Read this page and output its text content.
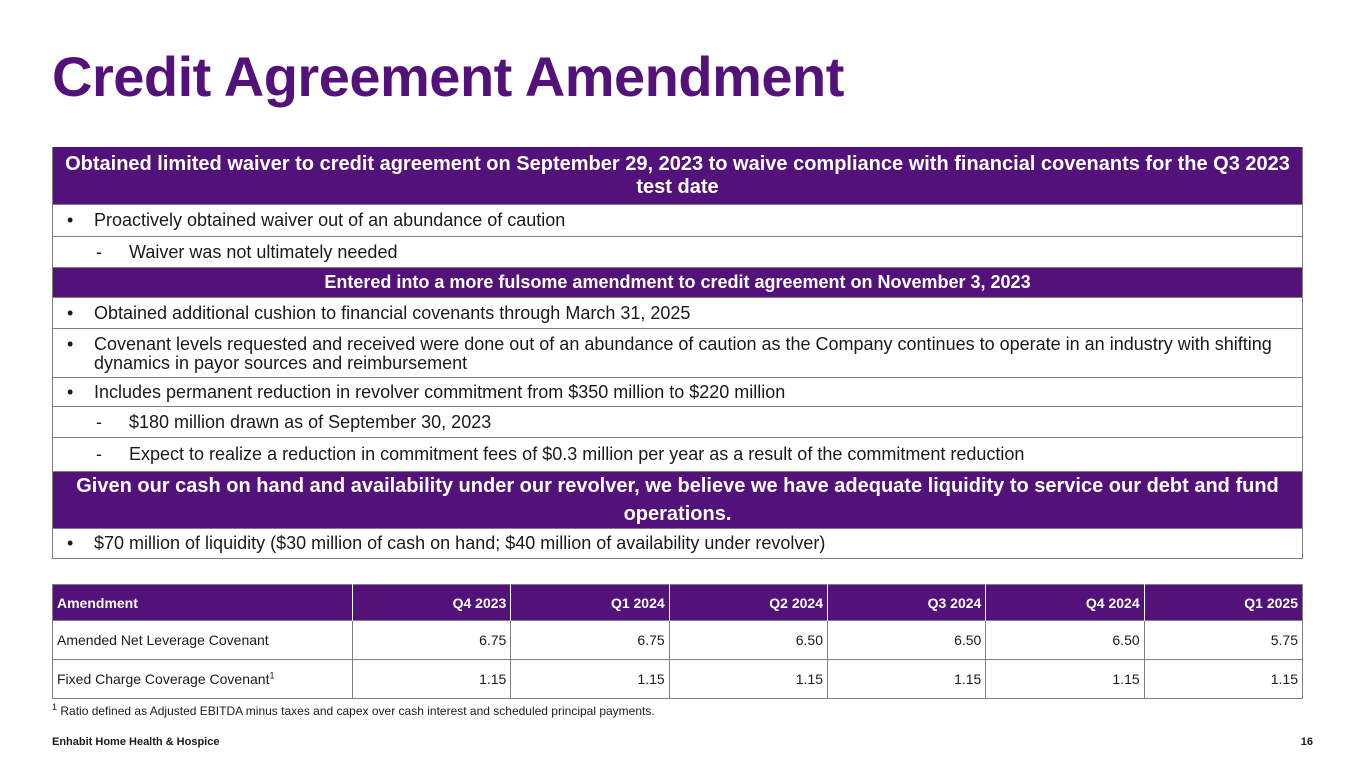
Credit Agreement Amendment
Obtained limited waiver to credit agreement on September 29, 2023 to waive compliance with financial covenants for the Q3 2023 test date
•	Proactively obtained waiver out of an abundance of caution
-	Waiver was not ultimately needed
Entered into a more fulsome amendment to credit agreement on November 3, 2023
•	Obtained additional cushion to financial covenants through March 31, 2025
•	Covenant levels requested and received were done out of an abundance of caution as the Company continues to operate in an industry with shifting dynamics in payor sources and reimbursement
•	Includes permanent reduction in revolver commitment from $350 million to $220 million
-	$180 million drawn as of September 30, 2023
-	Expect to realize a reduction in commitment fees of $0.3 million per year as a result of the commitment reduction
Given our cash on hand and availability under our revolver, we believe we have adequate liquidity to service our debt and fund operations.
•	$70 million of liquidity ($30 million of cash on hand; $40 million of availability under revolver)
Amendment	Q4 2023	Q1 2024	Q2 2024	Q3 2024	Q4 2024	Q1 2025
Amended Net Leverage Covenant	6.75	6.75	6.50	6.50	6.50	5.75
Fixed Charge Coverage Covenant$^1$	1.15	1.15	1.15	1.15	1.15	1.15
$^1$ Ratio defined as Adjusted EBITDA minus taxes and capex over cash interest and scheduled principal payments.
Enhabit Home Health & Hospice	16
